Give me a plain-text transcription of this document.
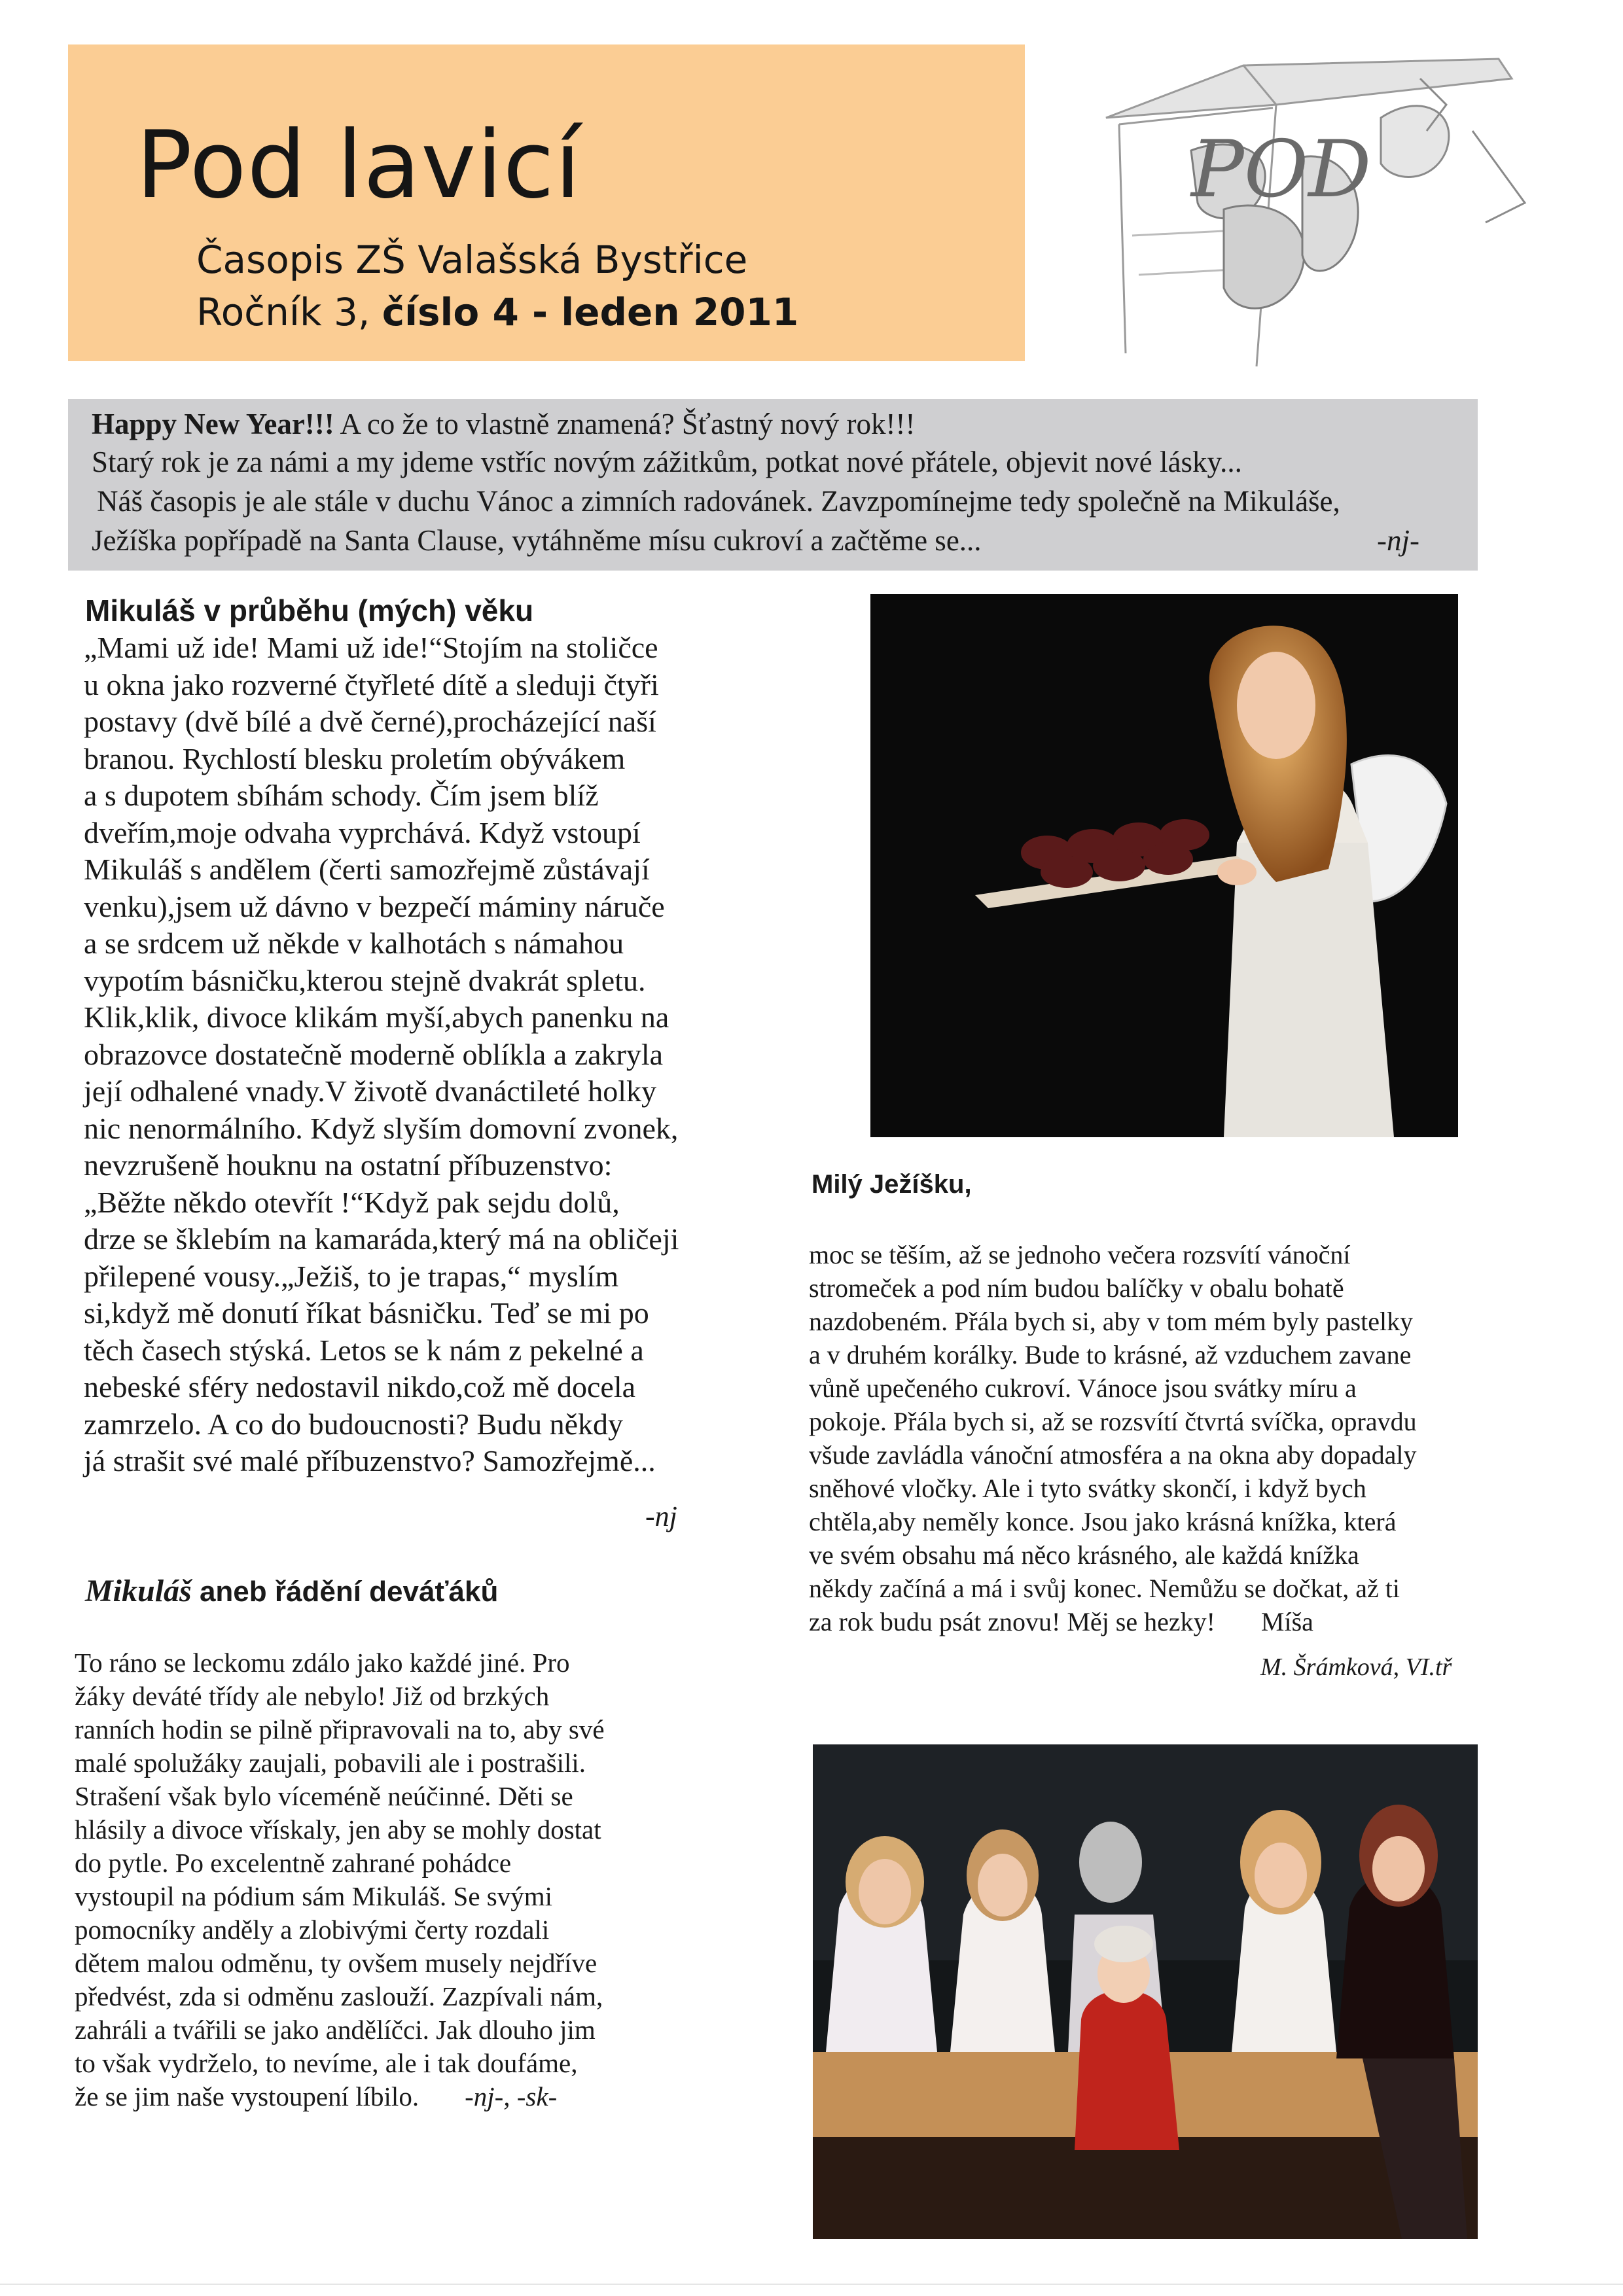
Pod lavicí
Časopis ZŠ Valašská Bystřice
Ročník 3, číslo 4 - leden 2011
POD
Happy New Year!!! A co že to vlastně znamená? Šťastný nový rok!!!
Starý rok je za námi a my jdeme vstříc novým zážitkům, potkat nové přátele, objevit nové lásky...
Náš časopis je ale stále v duchu Vánoc a zimních radovánek. Zavzpomínejme tedy společně na Mikuláše,
Ježíška popřípadě na Santa Clause, vytáhněme mísu cukroví a začtěme se...	-nj-
Mikuláš v průběhu (mých) věku
„Mami už ide! Mami už ide!“Stojím na stoličce
u okna jako rozverné čtyřleté dítě a sleduji čtyři
postavy (dvě bílé a dvě černé),procházející naší
branou. Rychlostí blesku proletím obývákem
a s dupotem sbíhám schody. Čím jsem blíž
dveřím,moje odvaha vyprchává. Když vstoupí
Mikuláš s andělem (čerti samozřejmě zůstávají
venku),jsem už dávno v bezpečí máminy náruče
a se srdcem už někde v kalhotách s námahou
vypotím básničku,kterou stejně dvakrát spletu.
Klik,klik, divoce klikám myší,abych panenku na
obrazovce dostatečně moderně oblíkla a zakryla
její odhalené vnady.V životě dvanáctileté holky
nic nenormálního. Když slyším domovní zvonek,
nevzrušeně houknu na ostatní příbuzenstvo:
„Běžte někdo otevřít !“Když pak sejdu dolů,
drze se šklebím na kamaráda,který má na obličeji
přilepené vousy.„Ježiš, to je trapas,“ myslím
si,když mě donutí říkat básničku. Teď se mi po
těch časech stýská. Letos se k nám z pekelné a
nebeské sféry nedostavil nikdo,což mě docela
zamrzelo. A co do budoucnosti? Budu někdy
já strašit své malé příbuzenstvo? Samozřejmě...
-nj
Mikuláš aneb řádění deváťáků
To ráno se leckomu zdálo jako každé jiné. Pro
žáky deváté třídy ale nebylo! Již od brzkých
ranních hodin se pilně připravovali na to, aby své
malé spolužáky zaujali, pobavili ale i postrašili.
Strašení však bylo víceméně neúčinné. Děti se
hlásily a divoce vřískaly, jen aby se mohly dostat
do pytle. Po excelentně zahrané pohádce
vystoupil na pódium sám Mikuláš. Se svými
pomocníky anděly a zlobivými čerty rozdali
dětem malou odměnu, ty ovšem musely nejdříve
předvést, zda si odměnu zaslouží. Zazpívali nám,
zahráli a tvářili se jako andělíčci. Jak dlouho jim
to však vydrželo, to nevíme, ale i tak doufáme,
že se jim naše vystoupení líbilo. -nj-, -sk-
Milý Ježíšku,
moc se těším, až se jednoho večera rozsvítí vánoční
stromeček a pod ním budou balíčky v obalu bohatě
nazdobeném. Přála bych si, aby v tom mém byly pastelky
a v druhém korálky. Bude to krásné, až vzduchem zavane
vůně upečeného cukroví. Vánoce jsou svátky míru a
pokoje. Přála bych si, až se rozsvítí čtvrtá svíčka, opravdu
všude zavládla vánoční atmosféra a na okna aby dopadaly
sněhové vločky. Ale i tyto svátky skončí, i když bych
chtěla,aby neměly konce. Jsou jako krásná knížka, která
ve svém obsahu má něco krásného, ale každá knížka
někdy začíná a má i svůj konec. Nemůžu se dočkat, až ti
za rok budu psát znovu! Měj se hezky! Míša
M. Šrámková, VI.tř
